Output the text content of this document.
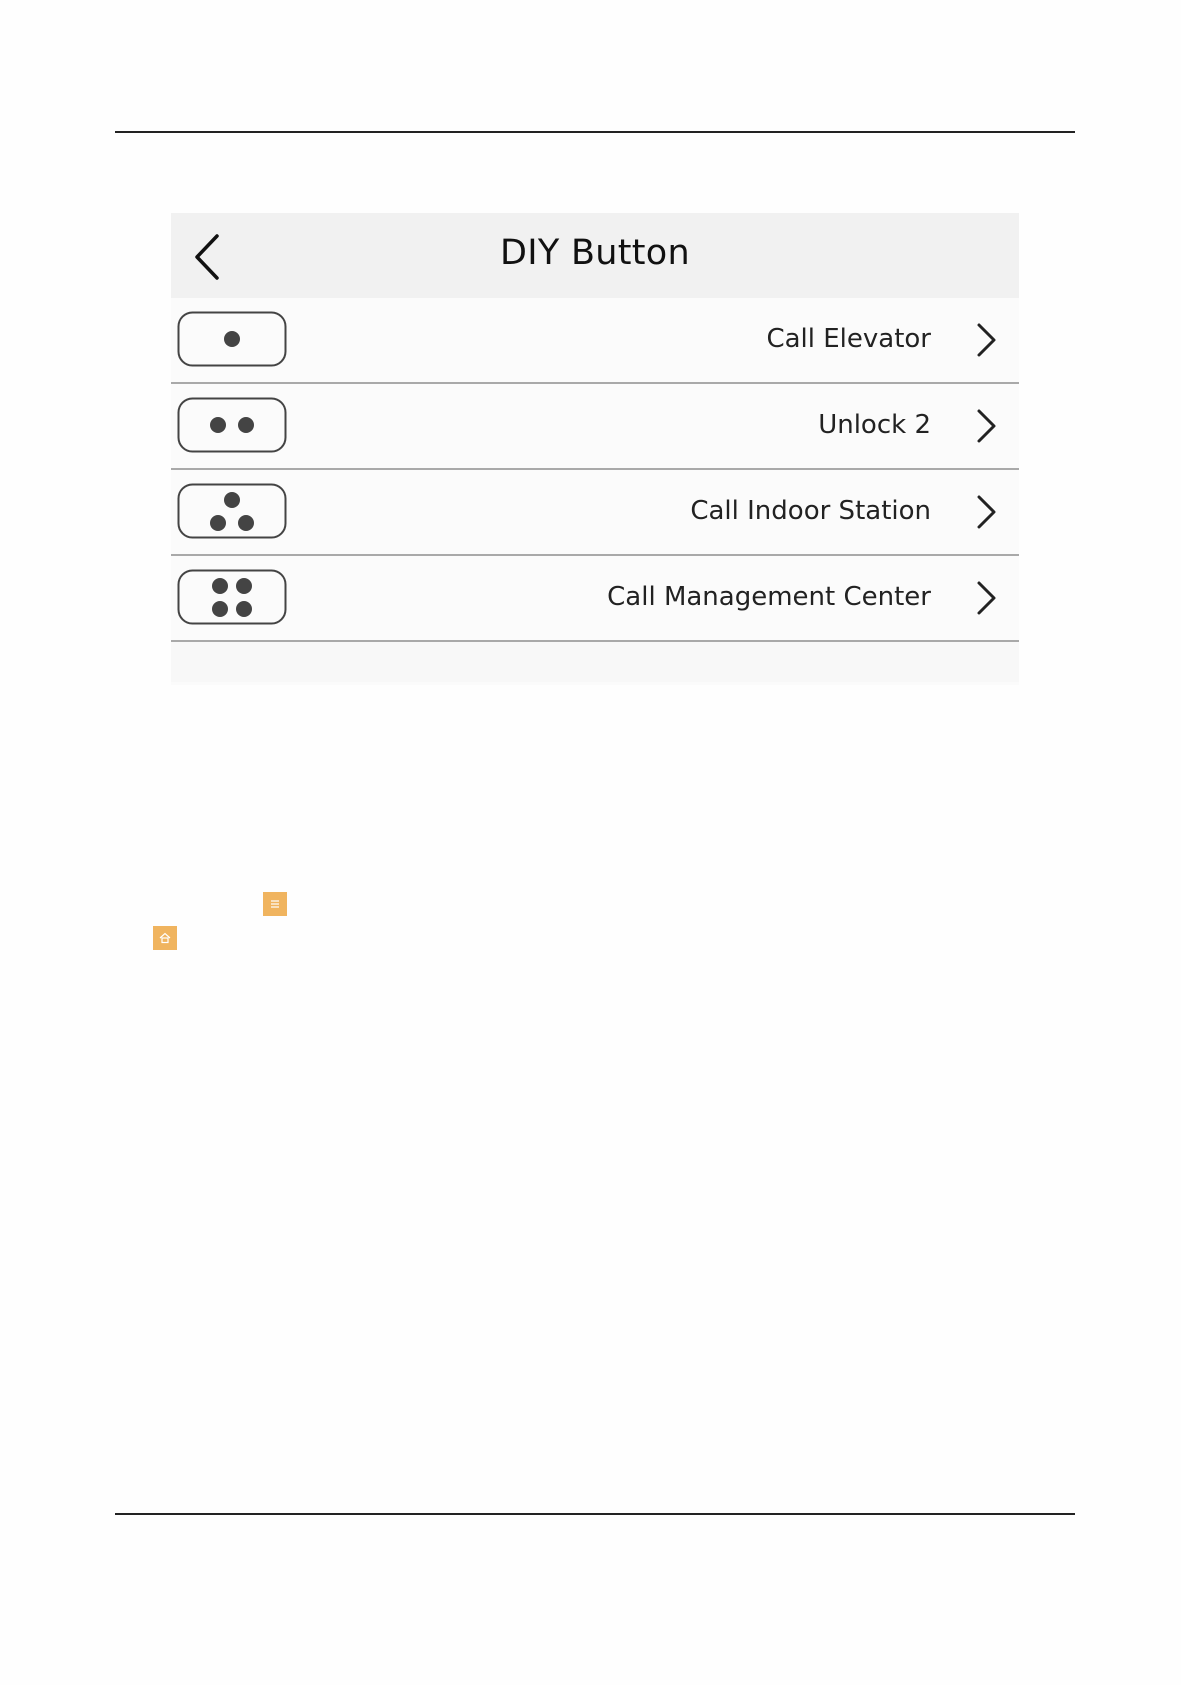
DIY Button
Call Elevator
Unlock 2
Call Indoor Station
Call Management Center
